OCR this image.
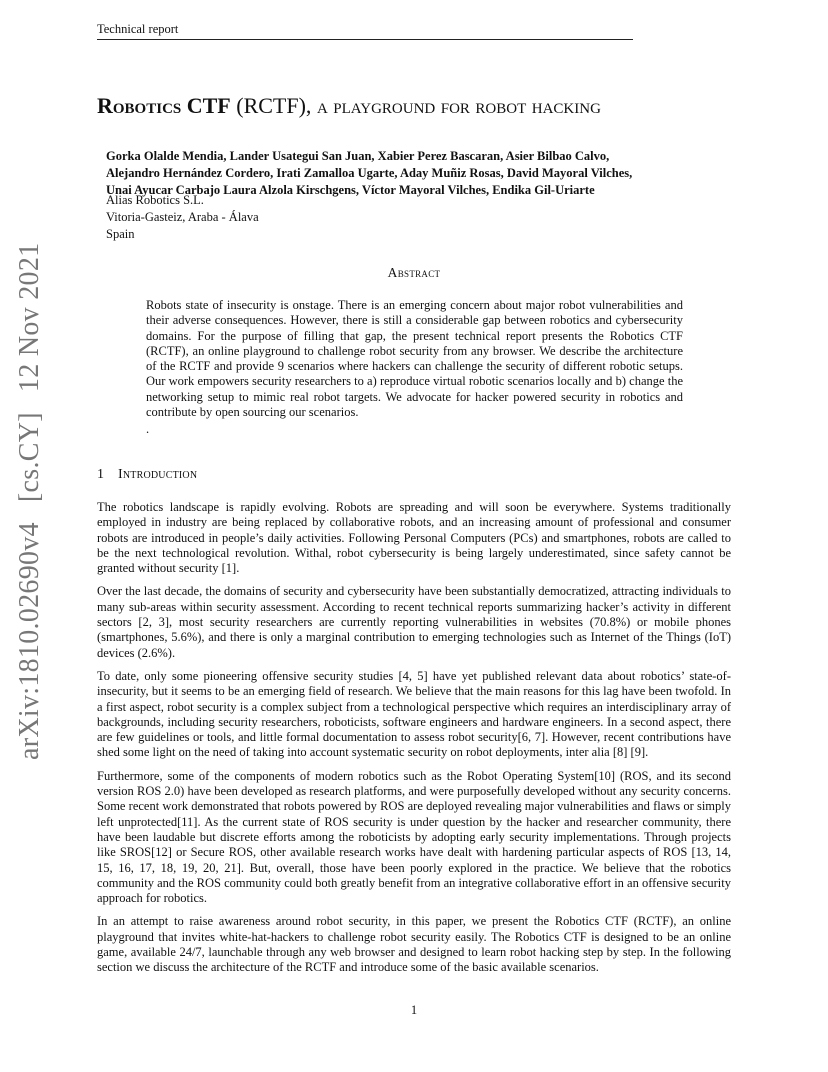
Technical report
arXiv:1810.02690v4[cs.CY]12 Nov 2021
Robotics CTF (RCTF), a playground for robot hacking
Gorka Olalde Mendia, Lander Usategui San Juan, Xabier Perez Bascaran, Asier Bilbao Calvo,
Alejandro Hernández Cordero, Irati Zamalloa Ugarte, Aday Muñiz Rosas, David Mayoral Vilches,
Unai Ayucar Carbajo Laura Alzola Kirschgens, Víctor Mayoral Vilches, Endika Gil-Uriarte
Alias Robotics S.L.
Vitoria-Gasteiz, Araba - Álava
Spain
Abstract
Robots state of insecurity is onstage. There is an emerging concern about major robot vulnerabilities and their adverse consequences. However, there is still a considerable gap between robotics and cybersecurity domains. For the purpose of filling that gap, the present technical report presents the Robotics CTF (RCTF), an online playground to challenge robot security from any browser. We describe the architecture of the RCTF and provide 9 scenarios where hackers can challenge the security of different robotic setups. Our work empowers security researchers to a) reproduce virtual robotic scenarios locally and b) change the networking setup to mimic real robot targets. We advocate for hacker powered security in robotics and contribute by open sourcing our scenarios.
.
1 Introduction

The robotics landscape is rapidly evolving. Robots are spreading and will soon be everywhere. Systems traditionally employed in industry are being replaced by collaborative robots, and an increasing amount of professional and consumer robots are introduced in people’s daily activities. Following Personal Computers (PCs) and smartphones, robots are called to be the next technological revolution. Withal, robot cybersecurity is being largely underestimated, since safety cannot be granted without security [1].

Over the last decade, the domains of security and cybersecurity have been substantially democratized, attracting individuals to many sub-areas within security assessment. According to recent technical reports summarizing hacker’s activity in different sectors [2, 3], most security researchers are currently reporting vulnerabilities in websites (70.8%) or mobile phones (smartphones, 5.6%), and there is only a marginal contribution to emerging technologies such as Internet of the Things (IoT) devices (2.6%).

To date, only some pioneering offensive security studies [4, 5] have yet published relevant data about robotics’ state-of-insecurity, but it seems to be an emerging field of research. We believe that the main reasons for this lag have been twofold. In a first aspect, robot security is a complex subject from a technological perspective which requires an interdisciplinary array of backgrounds, including security researchers, roboticists, software engineers and hardware engineers. In a second aspect, there are few guidelines or tools, and little formal documentation to assess robot security[6, 7]. However, recent contributions have shed some light on the need of taking into account systematic security on robot deployments, inter alia [8] [9].

Furthermore, some of the components of modern robotics such as the Robot Operating System[10] (ROS, and its second version ROS 2.0) have been developed as research platforms, and were purposefully developed without any security concerns. Some recent work demonstrated that robots powered by ROS are deployed revealing major vulnerabilities and flaws or simply left unprotected[11]. As the current state of ROS security is under question by the hacker and researcher community, there have been laudable but discrete efforts among the roboticists by adopting early security implementations. Through projects like SROS[12] or Secure ROS, other available research works have dealt with hardening particular aspects of ROS [13, 14, 15, 16, 17, 18, 19, 20, 21]. But, overall, those have been poorly explored in the practice. We believe that the robotics community and the ROS community could both greatly benefit from an integrative collaborative effort in an offensive security approach for robotics.

In an attempt to raise awareness around robot security, in this paper, we present the Robotics CTF (RCTF), an online playground that invites white-hat-hackers to challenge robot security easily. The Robotics CTF is designed to be an online game, available 24/7, launchable through any web browser and designed to learn robot hacking step by step. In the following section we discuss the architecture of the RCTF and introduce some of the basic available scenarios.

1
